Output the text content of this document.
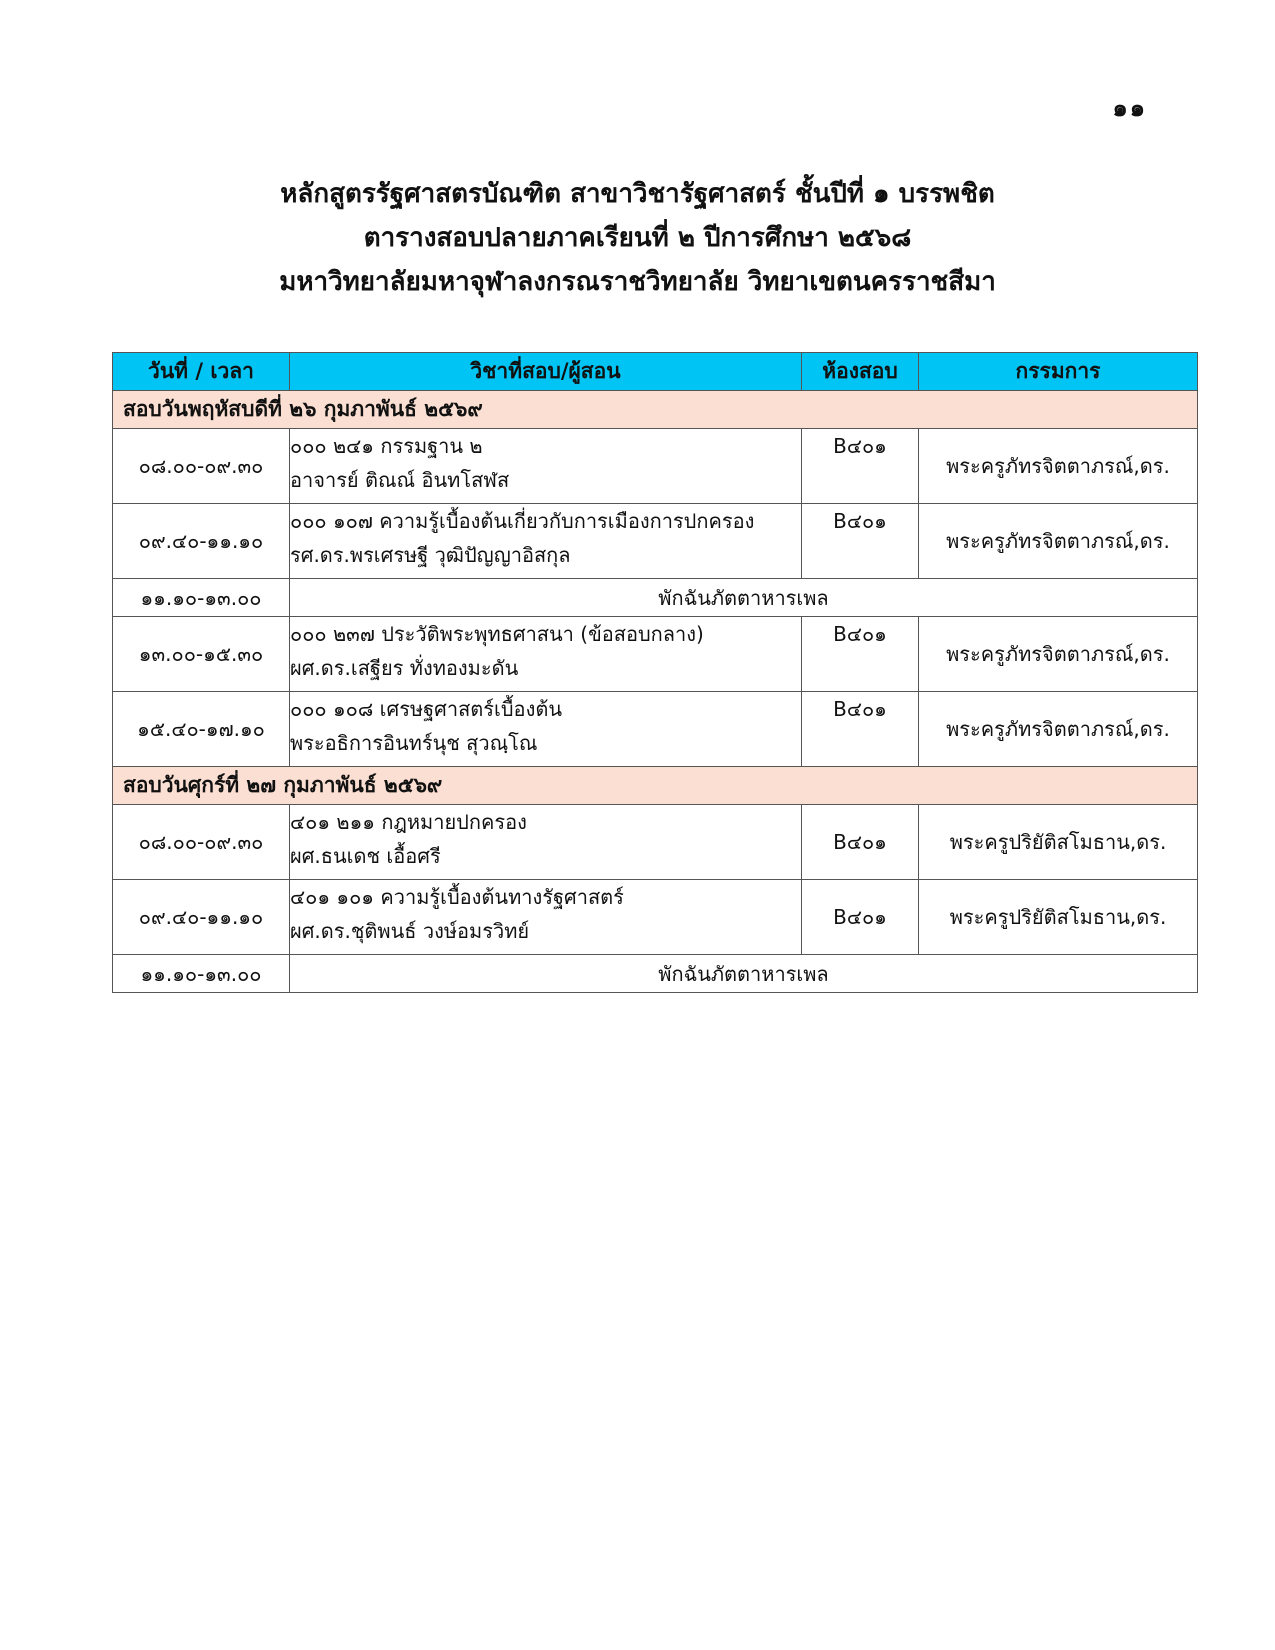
๑๑
หลักสูตรรัฐศาสตรบัณฑิต สาขาวิชารัฐศาสตร์ ชั้นปีที่ ๑ บรรพชิต
ตารางสอบปลายภาคเรียนที่ ๒ ปีการศึกษา ๒๕๖๘
มหาวิทยาลัยมหาจุฬาลงกรณราชวิทยาลัย วิทยาเขตนครราชสีมา
วันที่ / เวลา	วิชาที่สอบ/ผู้สอน	ห้องสอบ	กรรมการ
สอบวันพฤหัสบดีที่ ๒๖ กุมภาพันธ์ ๒๕๖๙			
๐๘.๐๐-๐๙.๓๐	๐๐๐ ๒๔๑ กรรมฐาน ๒
อาจารย์ ติณณ์ อินทโสฬส	B๔๐๑	พระครูภัทรจิตตาภรณ์,ดร.
๐๙.๔๐-๑๑.๑๐	๐๐๐ ๑๐๗ ความรู้เบื้องต้นเกี่ยวกับการเมืองการปกครอง
รศ.ดร.พรเศรษฐี วุฒิปัญญาอิสกุล	B๔๐๑	พระครูภัทรจิตตาภรณ์,ดร.
๑๑.๑๐-๑๓.๐๐	พักฉันภัตตาหารเพล		
๑๓.๐๐-๑๕.๓๐	๐๐๐ ๒๓๗ ประวัติพระพุทธศาสนา (ข้อสอบกลาง)
ผศ.ดร.เสฐียร ทั่งทองมะดัน	B๔๐๑	พระครูภัทรจิตตาภรณ์,ดร.
๑๕.๔๐-๑๗.๑๐	๐๐๐ ๑๐๘ เศรษฐศาสตร์เบื้องต้น
พระอธิการอินทร์นุช สุวณฺโณ	B๔๐๑	พระครูภัทรจิตตาภรณ์,ดร.
สอบวันศุกร์ที่ ๒๗ กุมภาพันธ์ ๒๕๖๙			
๐๘.๐๐-๐๙.๓๐	๔๐๑ ๒๑๑ กฎหมายปกครอง
ผศ.ธนเดช เอื้อศรี	B๔๐๑	พระครูปริยัติสโมธาน,ดร.
๐๙.๔๐-๑๑.๑๐	๔๐๑ ๑๐๑ ความรู้เบื้องต้นทางรัฐศาสตร์
ผศ.ดร.ชุติพนธ์ วงษ์อมรวิทย์	B๔๐๑	พระครูปริยัติสโมธาน,ดร.
๑๑.๑๐-๑๓.๐๐	พักฉันภัตตาหารเพล		
